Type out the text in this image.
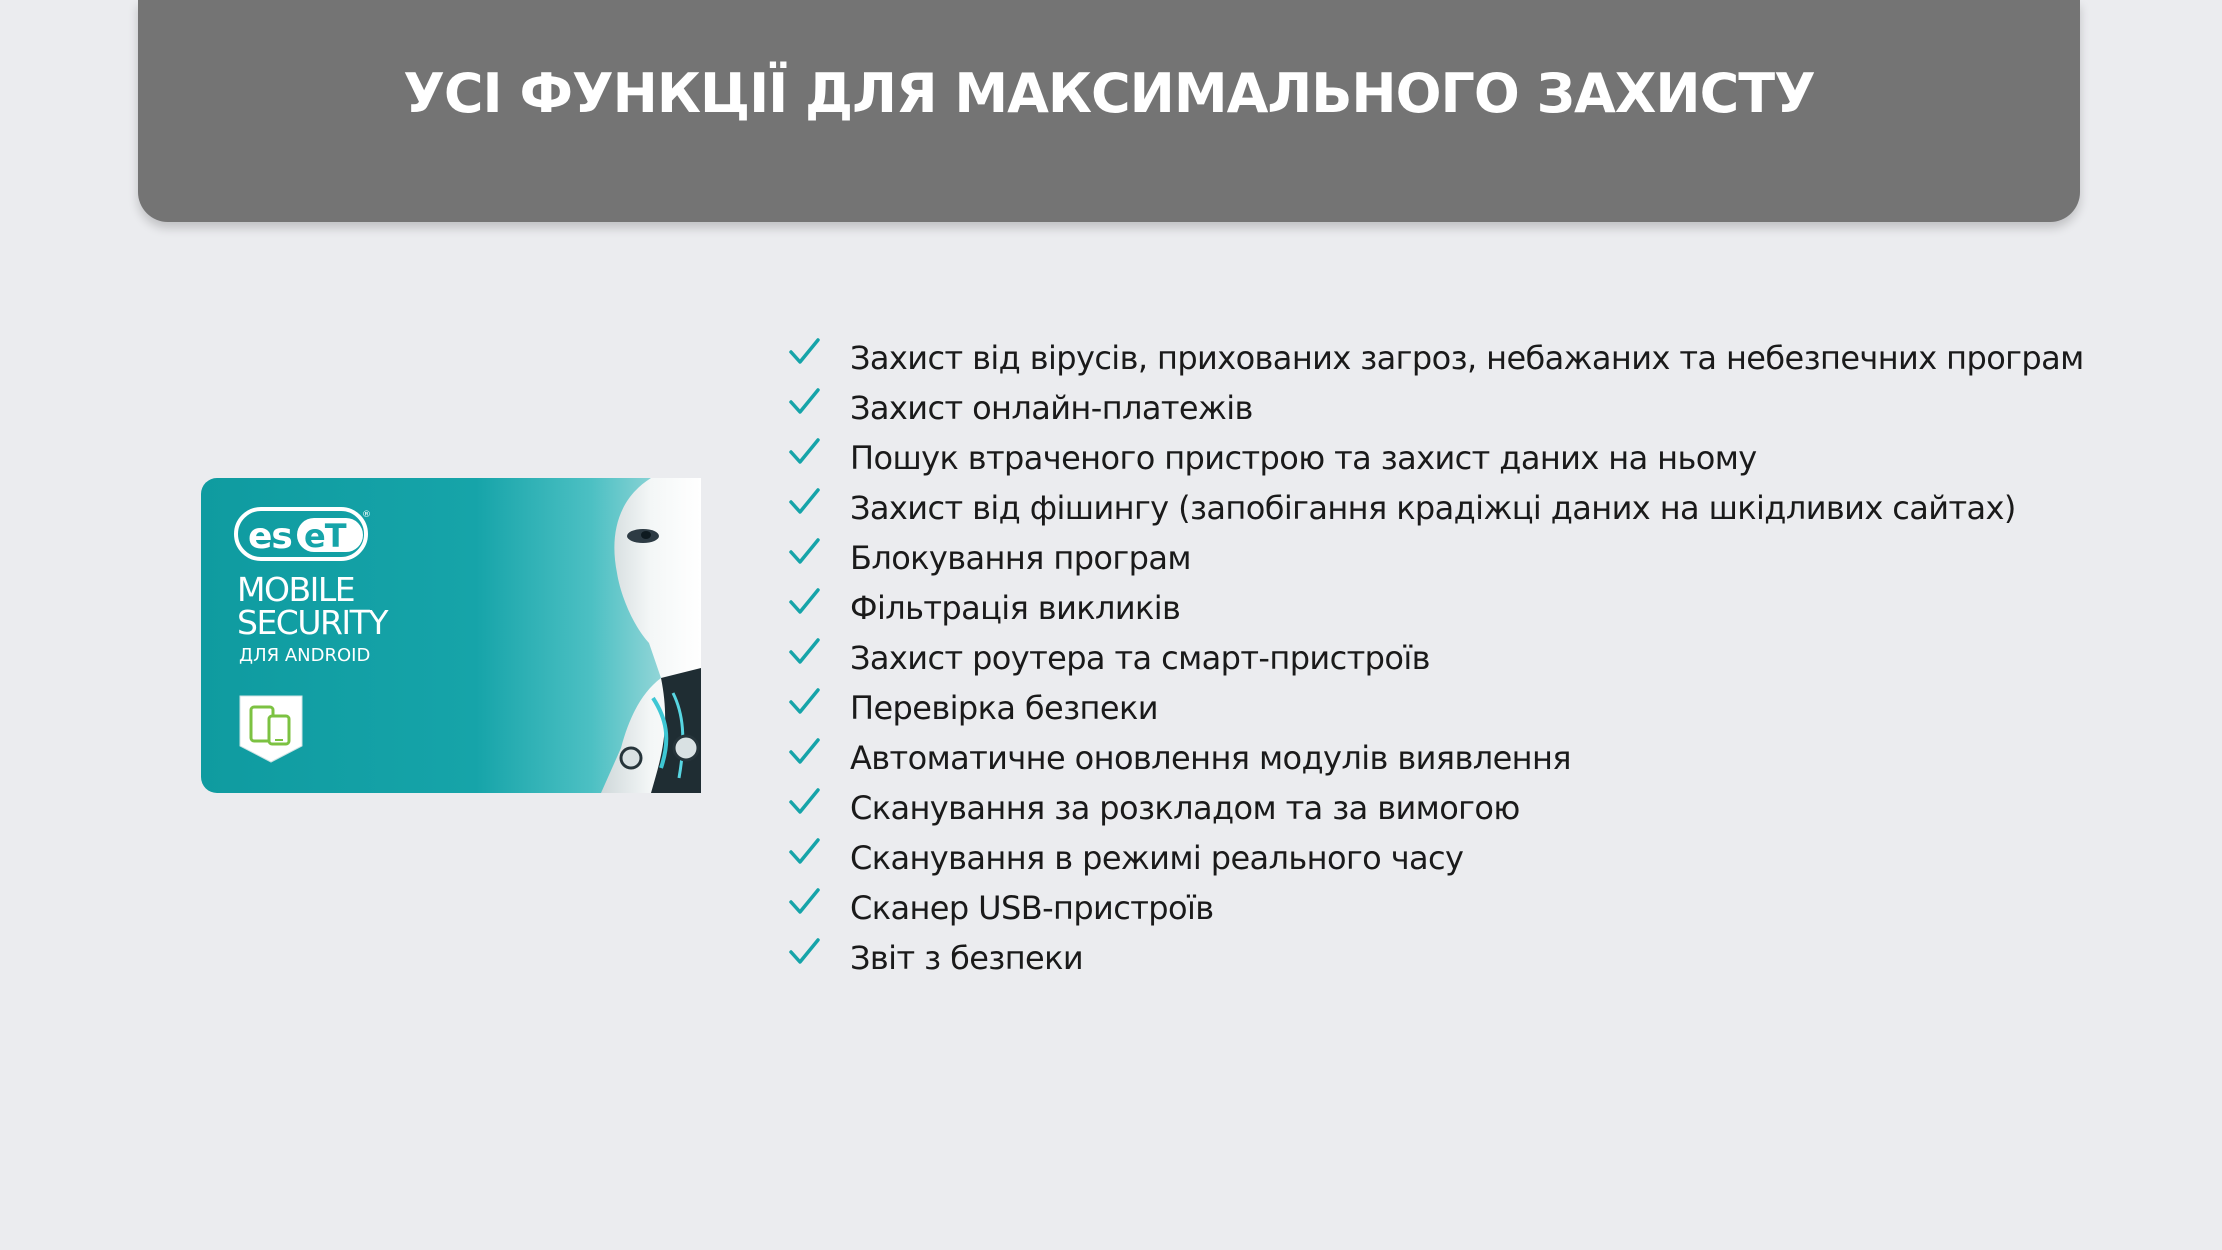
УСІ ФУНКЦІЇ ДЛЯ МАКСИМАЛЬНОГО ЗАХИСТУ
es eT
®
MOBILE
SECURITY
ДЛЯ ANDROID
Захист від вірусів, прихованих загроз, небажаних та небезпечних програм
Захист онлайн-платежів
Пошук втраченого пристрою та захист даних на ньому
Захист від фішингу (запобігання крадіжці даних на шкідливих сайтах)
Блокування програм
Фільтрація викликів
Захист роутера та смарт-пристроїв
Перевірка безпеки
Автоматичне оновлення модулів виявлення
Сканування за розкладом та за вимогою
Сканування в режимі реального часу
Сканер USB-пристроїв
Звіт з безпеки
